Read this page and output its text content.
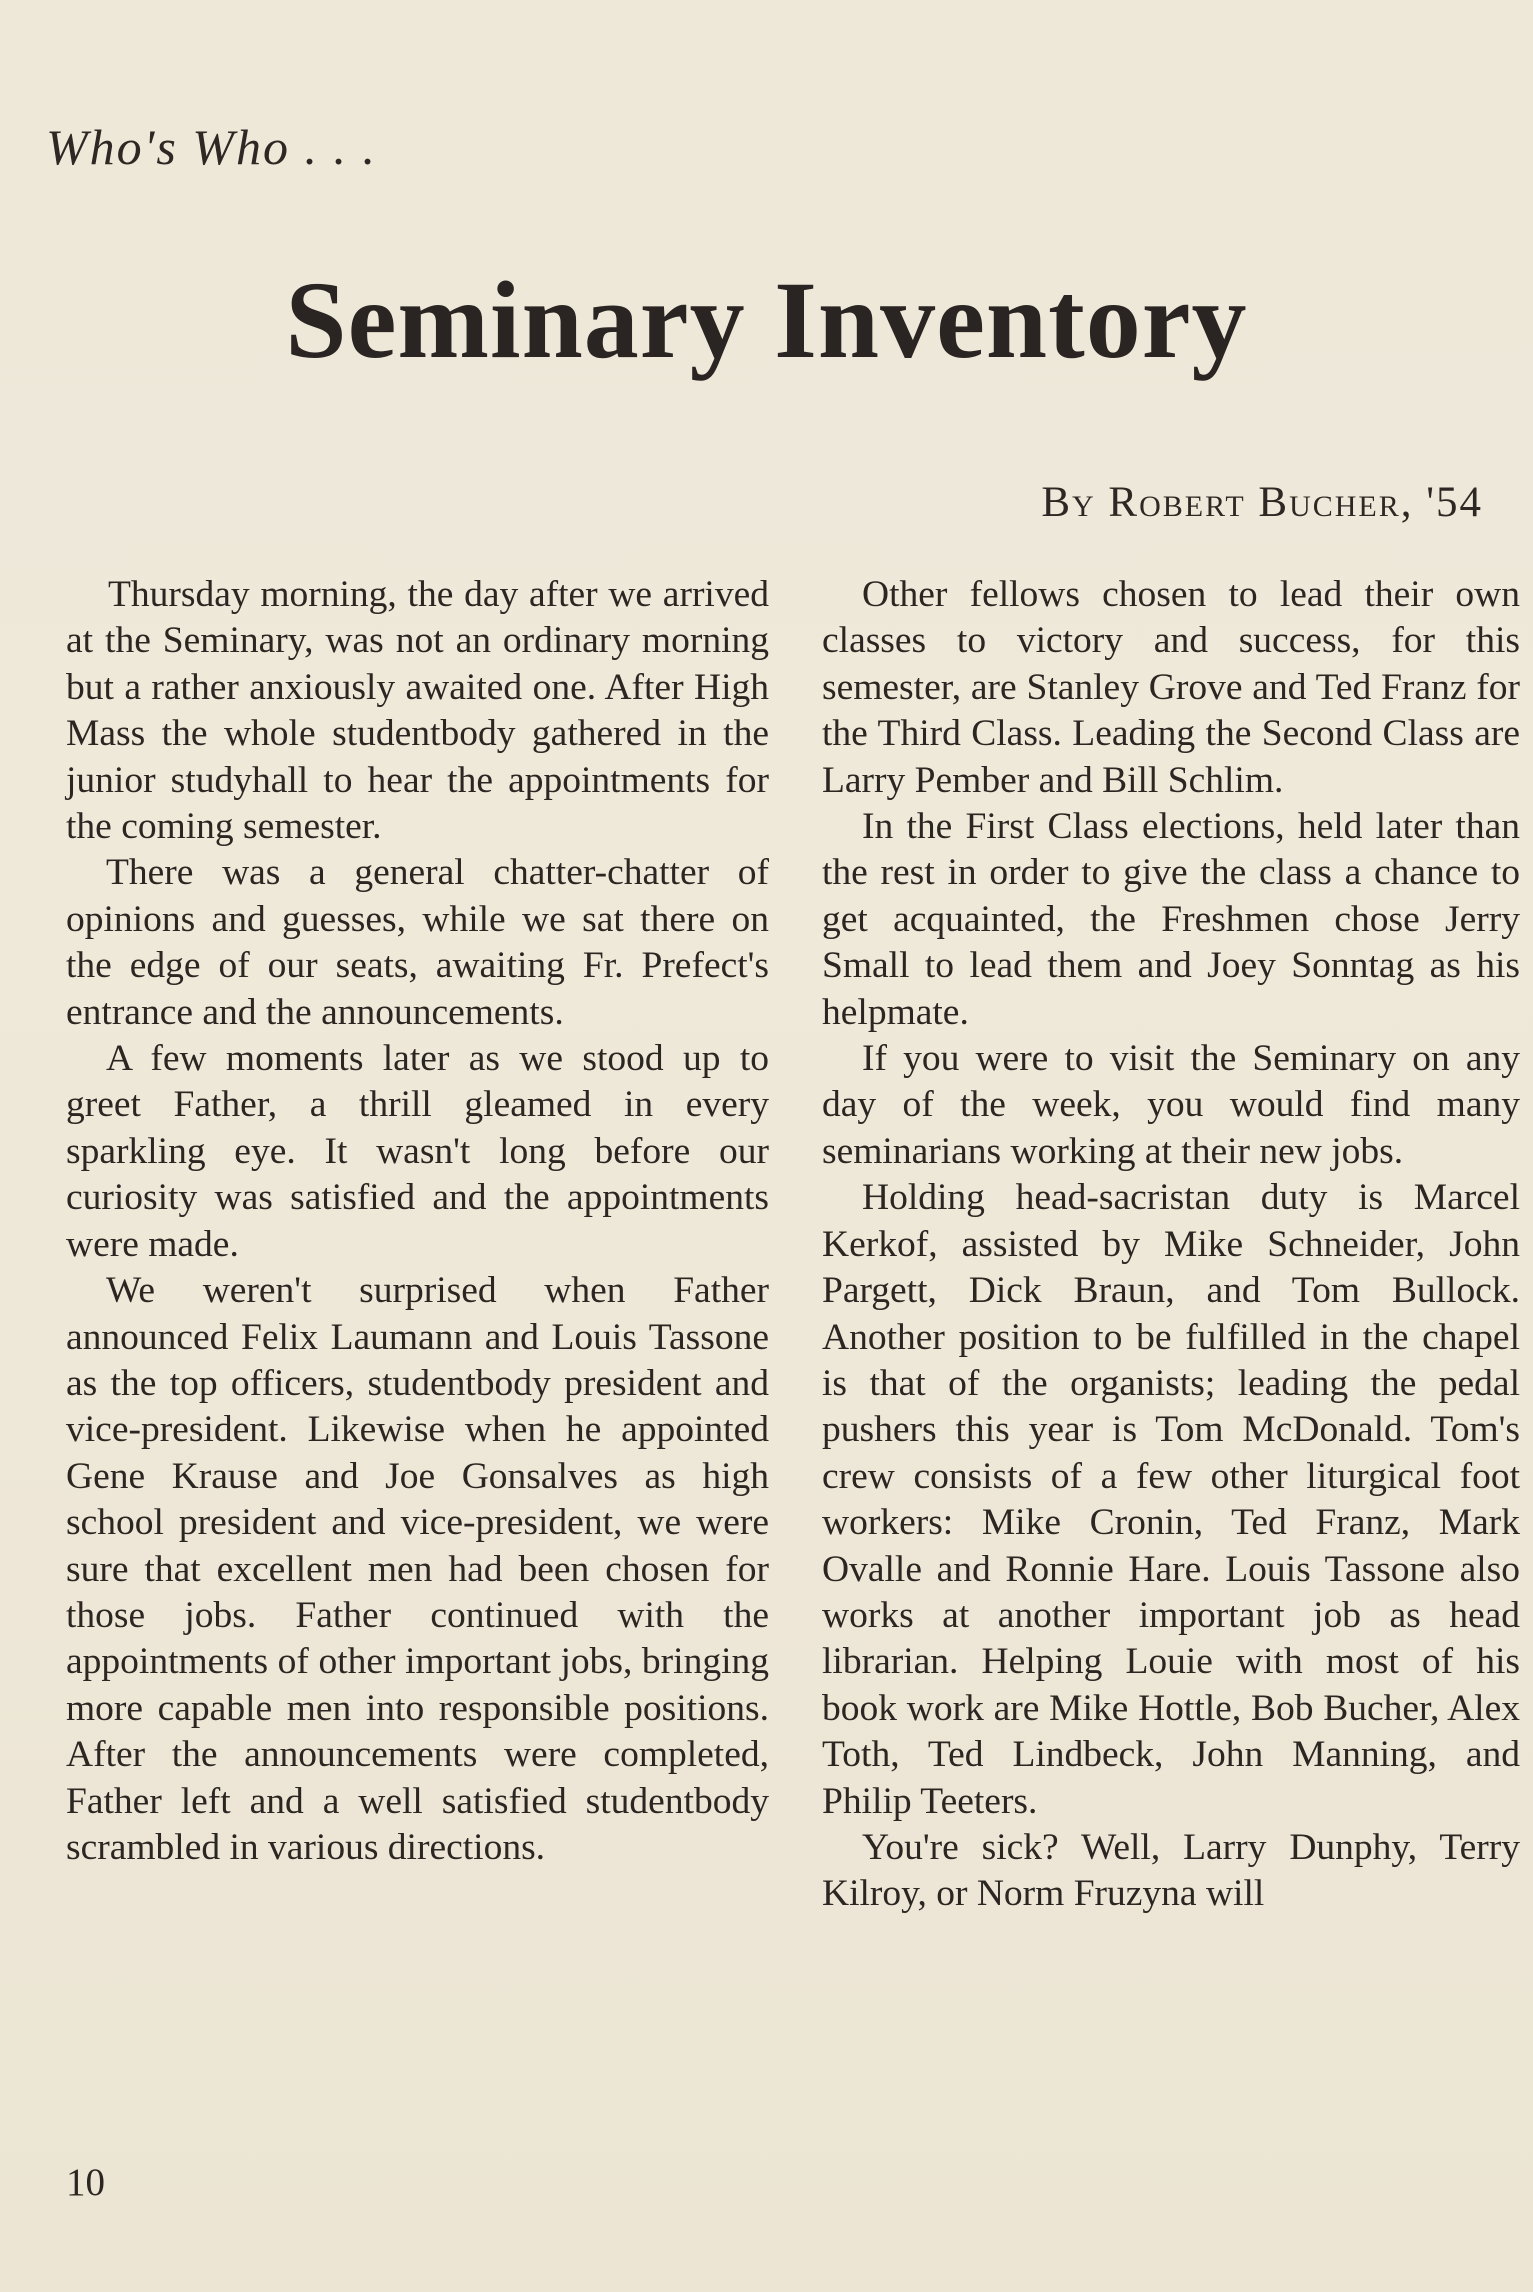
Who's Who . . .
Seminary Inventory
By Robert Bucher, '54

Thursday morning, the day after we arrived at the Seminary, was not an ordinary morning but a rather anxiously awaited one. After High Mass the whole studentbody gathered in the junior studyhall to hear the appointments for the coming semester.

There was a general chatter-chatter of opinions and guesses, while we sat there on the edge of our seats, awaiting Fr. Prefect's entrance and the announcements.

A few moments later as we stood up to greet Father, a thrill gleamed in every sparkling eye. It wasn't long before our curiosity was satisfied and the appointments were made.

We weren't surprised when Father announced Felix Laumann and Louis Tassone as the top officers, studentbody president and vice-president. Likewise when he appointed Gene Krause and Joe Gonsalves as high school president and vice-president, we were sure that excellent men had been chosen for those jobs. Father continued with the appointments of other important jobs, bringing more capable men into responsible positions. After the announcements were completed, Father left and a well satisfied studentbody scrambled in various directions.

Other fellows chosen to lead their own classes to victory and success, for this semester, are Stanley Grove and Ted Franz for the Third Class. Leading the Second Class are Larry Pember and Bill Schlim.

In the First Class elections, held later than the rest in order to give the class a chance to get acquainted, the Freshmen chose Jerry Small to lead them and Joey Sonntag as his helpmate.

If you were to visit the Seminary on any day of the week, you would find many seminarians working at their new jobs.

Holding head-sacristan duty is Marcel Kerkof, assisted by Mike Schneider, John Pargett, Dick Braun, and Tom Bullock. Another position to be fulfilled in the chapel is that of the organists; leading the pedal pushers this year is Tom McDonald. Tom's crew consists of a few other liturgical foot workers: Mike Cronin, Ted Franz, Mark Ovalle and Ronnie Hare. Louis Tassone also works at another important job as head librarian. Helping Louie with most of his book work are Mike Hottle, Bob Bucher, Alex Toth, Ted Lindbeck, John Manning, and Philip Teeters.

You're sick? Well, Larry Dunphy, Terry Kilroy, or Norm Fruzyna will

10
